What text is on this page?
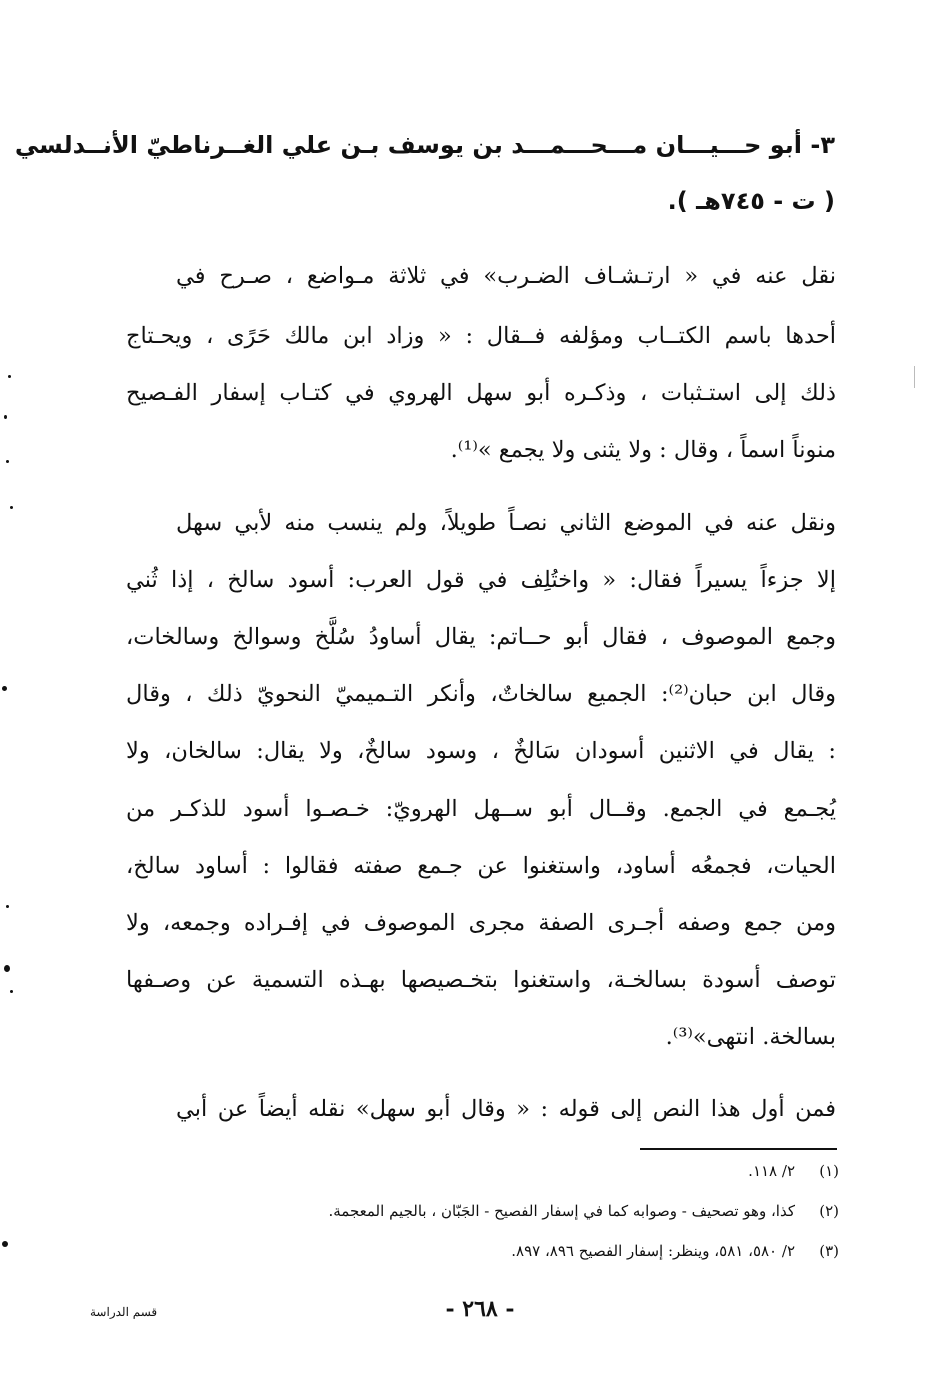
٣- أبو حـــيـــان مـــحـــمـــد بن يوسف بـن علي الغــرناطيّ الأنــدلسي
( ت - ٧٤٥هـ ).
نقل عنه في « ارتـشـاف الضـرب» في ثلاثة مـواضع ، صـرح في
أحدها باسم الكتــاب ومؤلفه فــقال : « وزاد ابن مالك حَرًى ، ويحـتاج
ذلك إلى استـثبات ، وذكـره أبو سهل الهروي في كتـاب إسفار الفـصيح
منوناً اسماً ، وقال : ولا يثنى ولا يجمع »⁽¹⁾.
ونقل عنه في الموضع الثاني نصـاً طويلاً، ولم ينسب منه لأبي سهل
إلا جزءاً يسيراً فقال: « واختُلِف في قول العرب: أسود سالخ ، إذا ثُني
وجمع الموصوف ، فقال أبو حــاتم: يقال أساودُ سُلَّخ وسوالخ وسالخات،
وقال ابن حبان⁽²⁾: الجميع سالخاتٌ، وأنكر التـميميّ النحويّ ذلك ، وقال
: يقال في الاثنين أسودان سَالخٌ ، وسود سالخٌ، ولا يقال: سالخان، ولا
يُجـمع في الجمع. وقــال أبو ســهل الهرويّ: خـصـوا أسود للذكـر من
الحيات، فجمعُه أساود، واستغنوا عن جـمع صفته فقالوا : أساود سالخ،
ومن جمع وصفه أجـرى الصفة مجرى الموصوف في إفـراده وجمعه، ولا
توصف أسودة بسالخـة، واستغنوا بتخـصيصها بهـذه التسمية عن وصـفها
بسالخة. انتهى»⁽³⁾.
فمن أول هذا النص إلى قوله : « وقال أبو سهل» نقله أيضاً عن أبي
(١)٢/ ١١٨.
(٢)كذا، وهو تصحيف - وصوابه كما في إسفار الفصيح - الجَبّان ، بالجيم المعجمة.
(٣)٢/ ٥٨٠، ٥٨١، وينظر: إسفار الفصيح ٨٩٦، ٨٩٧.
- ٢٦٨ -
قسم الدراسة
